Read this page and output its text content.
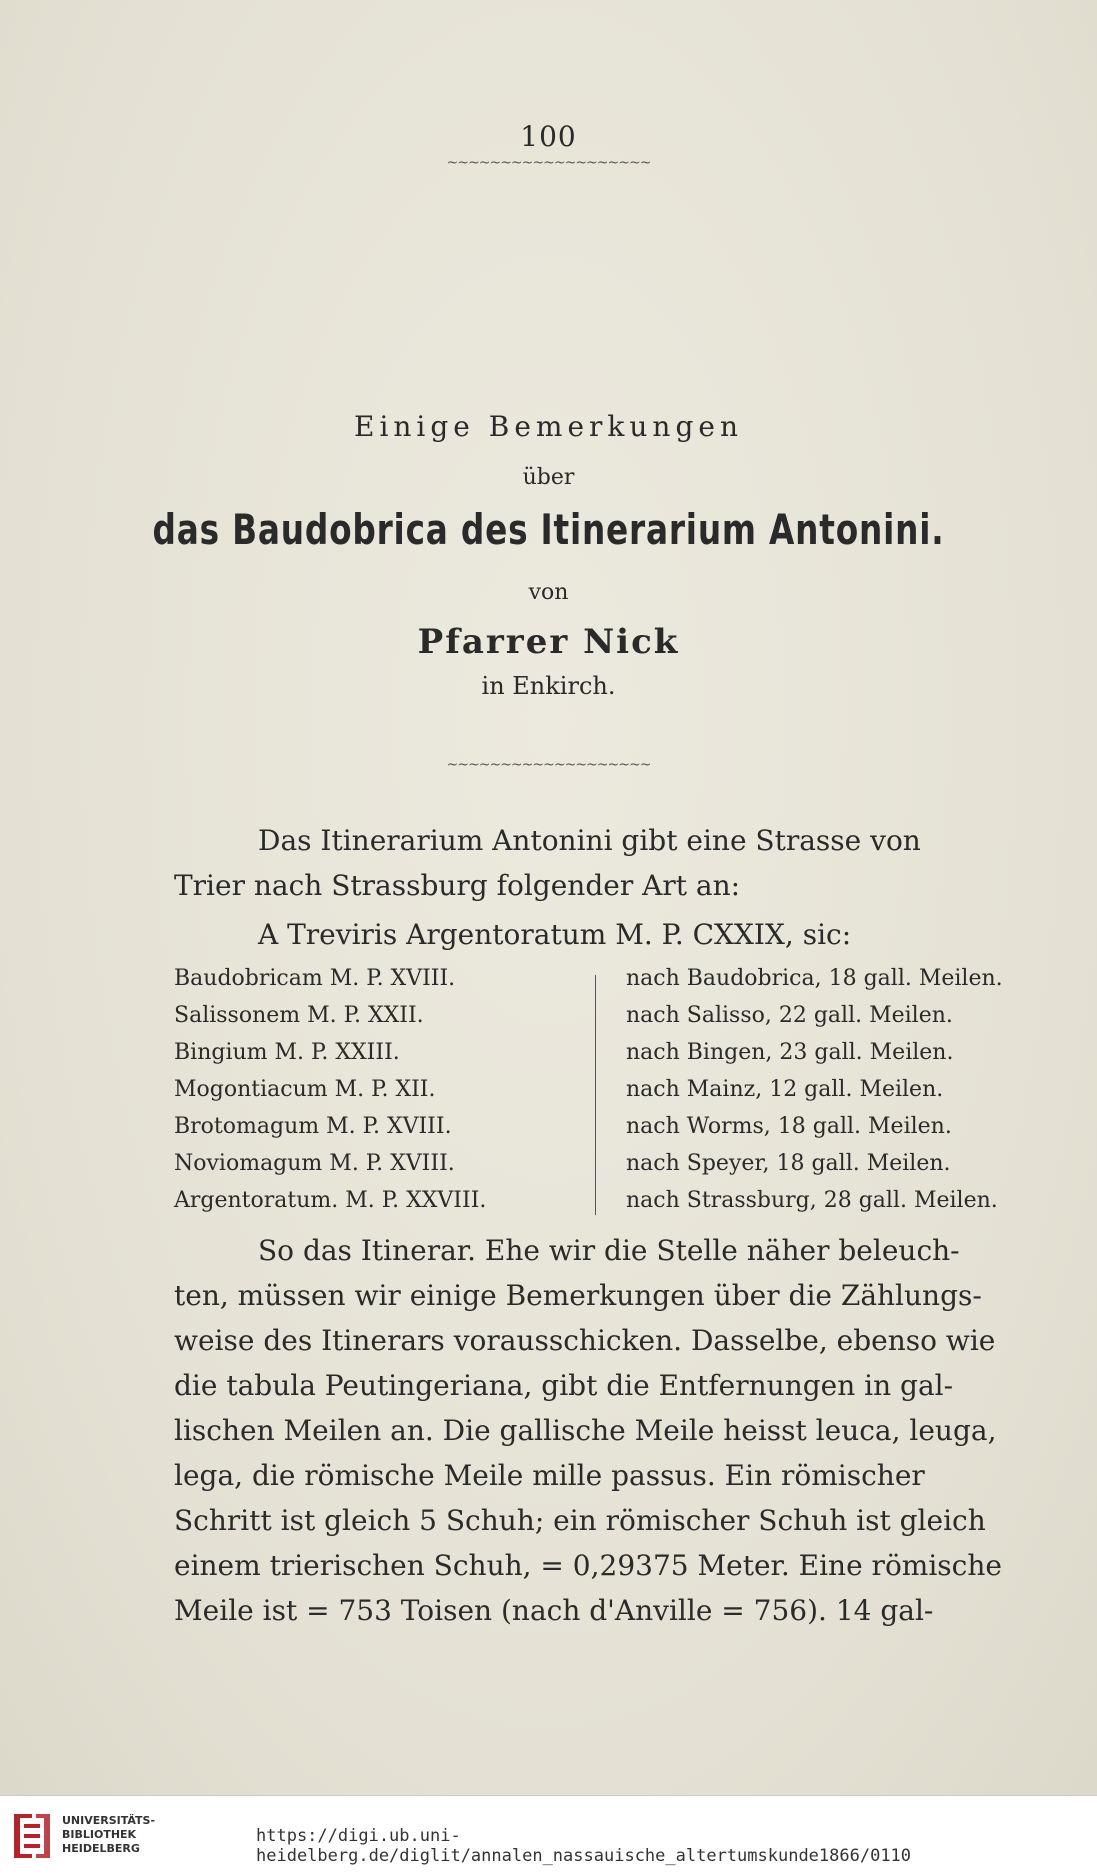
100
~~~~~~~~~~~~~~~~~~~
Einige Bemerkungen
über
das Baudobrica des Itinerarium Antonini.
von
Pfarrer Nick
in Enkirch.
~~~~~~~~~~~~~~~~~~~
Das Itinerarium Antonini gibt eine Strasse von
Trier nach Strassburg folgender Art an:
A Treviris Argentoratum M. P. CXXIX, sic:
Baudobricam M. P. XVIII.	nach Baudobrica, 18 gall. Meilen.
Salissonem M. P. XXII.	nach Salisso, 22 gall. Meilen.
Bingium M. P. XXIII.	nach Bingen, 23 gall. Meilen.
Mogontiacum M. P. XII.	nach Mainz, 12 gall. Meilen.
Brotomagum M. P. XVIII.	nach Worms, 18 gall. Meilen.
Noviomagum M. P. XVIII.	nach Speyer, 18 gall. Meilen.
Argentoratum. M. P. XXVIII.	nach Strassburg, 28 gall. Meilen.
So das Itinerar. Ehe wir die Stelle näher beleuch-
ten, müssen wir einige Bemerkungen über die Zählungs-
weise des Itinerars vorausschicken. Dasselbe, ebenso wie
die tabula Peutingeriana, gibt die Entfernungen in gal-
lischen Meilen an. Die gallische Meile heisst leuca, leuga,
lega, die römische Meile mille passus. Ein römischer
Schritt ist gleich 5 Schuh; ein römischer Schuh ist gleich
einem trierischen Schuh, = 0,29375 Meter. Eine römische
Meile ist = 753 Toisen (nach d'Anville = 756). 14 gal-
UNIVERSITÄTS-
BIBLIOTHEK
HEIDELBERG
https://digi.ub.uni-heidelberg.de/diglit/annalen_nassauische_altertumskunde1866/0110
